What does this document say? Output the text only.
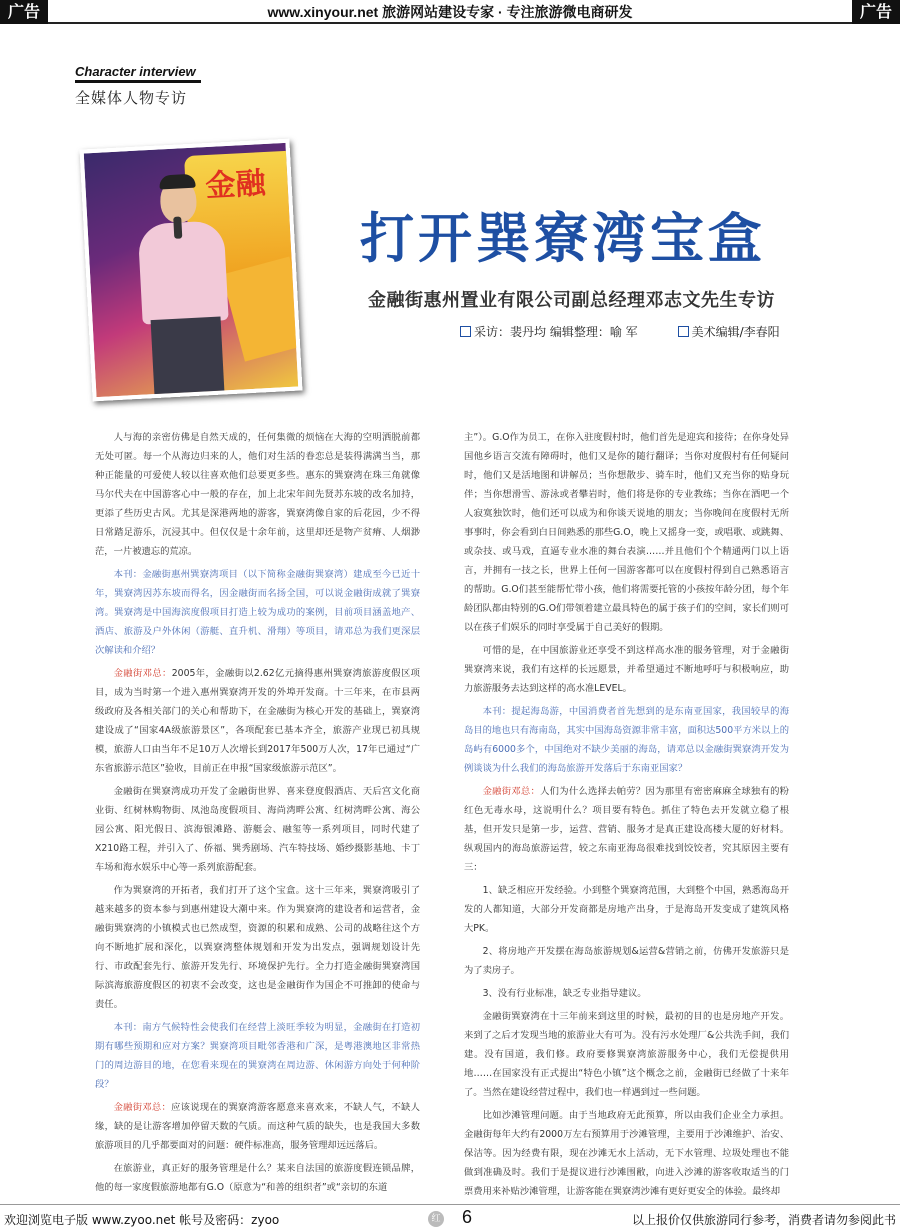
广告	www.xinyour.net 旅游网站建设专家 · 专注旅游微电商研发	广告
Character interview
全媒体人物专访
金融
打开巽寮湾宝盒
金融街惠州置业有限公司副总经理邓志文先生专访
采访：裴丹均 编辑整理：喻 军	美术编辑/李春阳

人与海的亲密仿佛是自然天成的，任何集微的烦恼在大海的空明洒脱前都无处可匿。每一个从海边归来的人，他们对生活的眷恋总是装得满满当当，那种正能量的可爱使人较以往喜欢他们总要更多些。惠东的巽寮湾在珠三角就像马尔代夫在中国游客心中一般的存在，加上北宋年间先贤苏东坡的改名加持，更添了些历史古风。尤其是深港两地的游客，巽寮湾像自家的后花园，少不得日常踏足游乐，沉浸其中。但仅仅是十余年前，这里却还是物产贫瘠、人烟渺茫，一片被遗忘的荒凉。

本刊：金融街惠州巽寮湾项目（以下简称金融街巽寮湾）建成至今已近十年，巽寮湾因苏东坡而得名，因金融街而名扬全国，可以说金融街成就了巽寮湾。巽寮湾是中国海滨度假项目打造上较为成功的案例，目前项目涵盖地产、酒店、旅游及户外休闲（游艇、直升机、滑翔）等项目，请邓总为我们更深层次解读和介绍？

金融街邓总：2005年，金融街以2.62亿元摘得惠州巽寮湾旅游度假区项目，成为当时第一个进入惠州巽寮湾开发的外埠开发商。十三年来，在市县两级政府及各相关部门的关心和帮助下，在金融街为核心开发的基础上，巽寮湾建设成了“国家4A级旅游景区”，各项配套已基本齐全，旅游产业现已初具规模，旅游人口由当年不足10万人次增长到2017年500万人次，17年已通过“广东省旅游示范区”验收，目前正在申报“国家级旅游示范区”。

金融街在巽寮湾成功开发了金融街世界、喜来登度假酒店、天后宫文化商业街、红树林购物街、凤池岛度假项目、海尚湾畔公寓、红树湾畔公寓、海公园公寓、阳光假日、滨海银滩路、游艇会、融玺等一系列项目，同时代建了X210路工程，并引入了、侨福、巽秀剧场、汽车特技场、婚纱摄影基地、卡丁车场和海水娱乐中心等一系列旅游配套。

作为巽寮湾的开拓者，我们打开了这个宝盒。这十三年来，巽寮湾吸引了越来越多的资本参与到惠州建设大潮中来。作为巽寮湾的建设者和运营者，金融街巽寮湾的小镇模式也已然成型，资源的积累和成熟、公司的战略往这个方向不断地扩展和深化，以巽寮湾整体规划和开发为出发点，强调规划设计先行、市政配套先行、旅游开发先行、环境保护先行。全力打造金融街巽寮湾国际滨海旅游度假区的初衷不会改变，这也是金融街作为国企不可推卸的使命与责任。

本刊：南方气候特性会使我们在经营上淡旺季较为明显，金融街在打造初期有哪些预期和应对方案？巽寮湾项目毗邻香港和广深，是粤港澳地区非常热门的周边游目的地，在您看来现在的巽寮湾在周边游、休闲游方向处于何种阶段？

金融街邓总：应该说现在的巽寮湾游客愿意来喜欢来，不缺人气，不缺人缘，缺的是让游客增加停留天数的气质。而这种气质的缺失，也是我国大多数旅游项目的几乎都要面对的问题：硬件标准高，服务管理却远远落后。

在旅游业，真正好的服务管理是什么？某来自法国的旅游度假连锁品牌，他的每一家度假旅游地都有G.O（原意为“和善的组织者”或“亲切的东道

主”）。G.O作为员工，在你入驻度假村时，他们首先是迎宾和接待；在你身处异国他乡语言交流有障碍时，他们又是你的随行翻译；当你对度假村有任何疑问时，他们又是活地图和讲解员；当你想散步、骑车时，他们又充当你的贴身玩伴；当你想滑雪、游泳或者攀岩时，他们将是你的专业教练；当你在酒吧一个人寂寞独饮时，他们还可以成为和你谈天说地的朋友；当你晚间在度假村无所事事时，你会看到白日间熟悉的那些G.O，晚上又摇身一变，或唱歌、或跳舞、或杂技、或马戏，直逼专业水准的舞台表演……并且他们个个精通两门以上语言，并拥有一技之长，世界上任何一国游客都可以在度假村得到自己熟悉语言的帮助。G.O们甚至能帮忙带小孩，他们将需要托管的小孩按年龄分团，每个年龄团队都由特别的G.O们带领着建立最具特色的属于孩子们的空间，家长们则可以在孩子们娱乐的同时享受属于自己美好的假期。

可惜的是，在中国旅游业还享受不到这样高水准的服务管理，对于金融街巽寮湾来说，我们有这样的长远愿景，并希望通过不断地呼吁与积极响应，助力旅游服务去达到这样的高水准LEVEL。

本刊：提起海岛游，中国消费者首先想到的是东南亚国家，我国较早的海岛目的地也只有海南岛，其实中国海岛资源非常丰富，面积达500平方米以上的岛屿有6000多个，中国绝对不缺少美丽的海岛，请邓总以金融街巽寮湾开发为例谈谈为什么我们的海岛旅游开发落后于东南亚国家？

金融街邓总：人们为什么选择去帕劳？因为那里有密密麻麻全球独有的粉红色无毒水母，这说明什么？项目要有特色。抓住了特色去开发就立稳了根基，但开发只是第一步，运营、营销、服务才是真正建设高楼大厦的好材料。纵观国内的海岛旅游运营，较之东南亚海岛很难找到饺饺者，究其原因主要有三：

1、缺乏相应开发经验。小到整个巽寮湾范围，大到整个中国，熟悉海岛开发的人都知道，大部分开发商都是房地产出身，于是海岛开发变成了建筑风格大PK。

2、将房地产开发摆在海岛旅游规划&运营&营销之前，仿佛开发旅游只是为了卖房子。

3、没有行业标准，缺乏专业指导建议。

金融街巽寮湾在十三年前来到这里的时候，最初的目的也是房地产开发。来到了之后才发现当地的旅游业大有可为。没有污水处理厂&公共洗手间，我们建。没有国道，我们修。政府要修巽寮湾旅游服务中心，我们无偿提供用地……在国家没有正式提出“特色小镇”这个概念之前，金融街已经做了十来年了。当然在建设经营过程中，我们也一样遇到过一些问题。

比如沙滩管理问题。由于当地政府无此预算，所以由我们企业全力承担。金融街每年大约有2000万左右预算用于沙滩管理，主要用于沙滩维护、治安、保洁等。因为经费有限，现在沙滩无水上活动，无下水管理、垃圾处理也不能做到准确及时。我们于是提议进行沙滩围敝，向进入沙滩的游客收取适当的门票费用来补贴沙滩管理，让游客能在巽寮湾沙滩有更好更安全的体验。最终却

欢迎浏览电子版 www.zyoo.net 帐号及密码：zyoo	红 6	以上报价仅供旅游同行参考，消费者请勿参阅此书
